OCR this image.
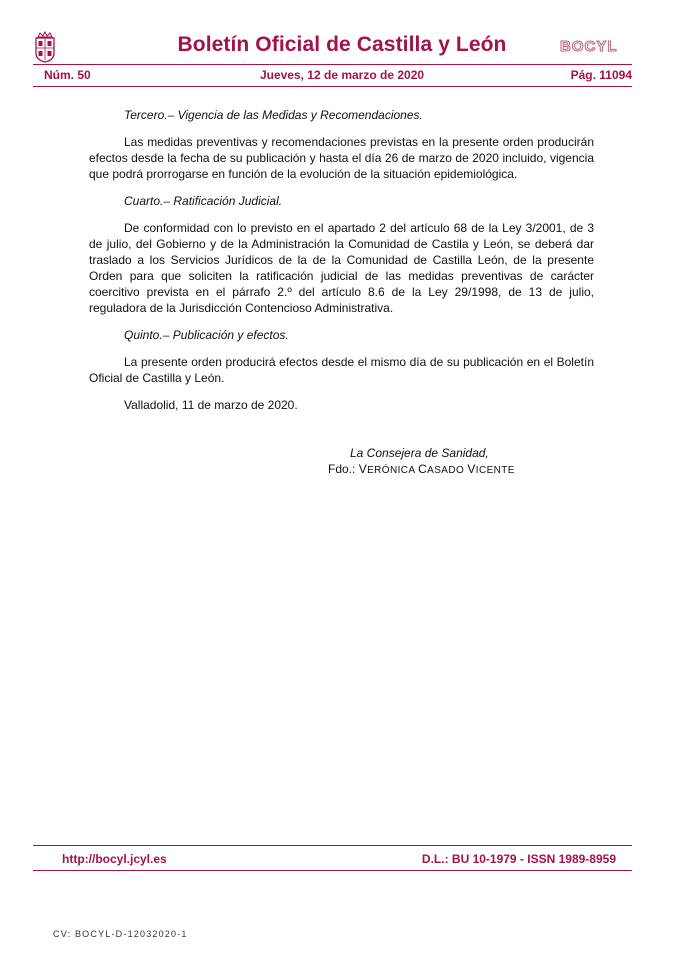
Boletín Oficial de Castilla y León	BOCYL
Núm. 50	Jueves, 12 de marzo de 2020	Pág. 11094

Tercero.– Vigencia de las Medidas y Recomendaciones.

Las medidas preventivas y recomendaciones previstas en la presente orden producirán efectos desde la fecha de su publicación y hasta el día 26 de marzo de 2020 incluido, vigencia que podrá prorrogarse en función de la evolución de la situación epidemiológica.

Cuarto.– Ratificación Judicial.

De conformidad con lo previsto en el apartado 2 del artículo 68 de la Ley 3/2001, de 3 de julio, del Gobierno y de la Administración la Comunidad de Castila y León, se deberá dar traslado a los Servicios Jurídicos de la de la Comunidad de Castilla León, de la presente Orden para que soliciten la ratificación judicial de las medidas preventivas de carácter coercitivo prevista en el párrafo 2.º del artículo 8.6 de la Ley 29/1998, de 13 de julio, reguladora de la Jurisdicción Contencioso Administrativa.

Quinto.– Publicación y efectos.

La presente orden producirá efectos desde el mismo día de su publicación en el Boletín Oficial de Castilla y León.

Valladolid, 11 de marzo de 2020.

La Consejera de Sanidad,
Fdo.: VERÓNICA CASADO VICENTE
http://bocyl.jcyl.es	D.L.: BU 10-1979 - ISSN 1989-8959
CV: BOCYL-D-12032020-1
